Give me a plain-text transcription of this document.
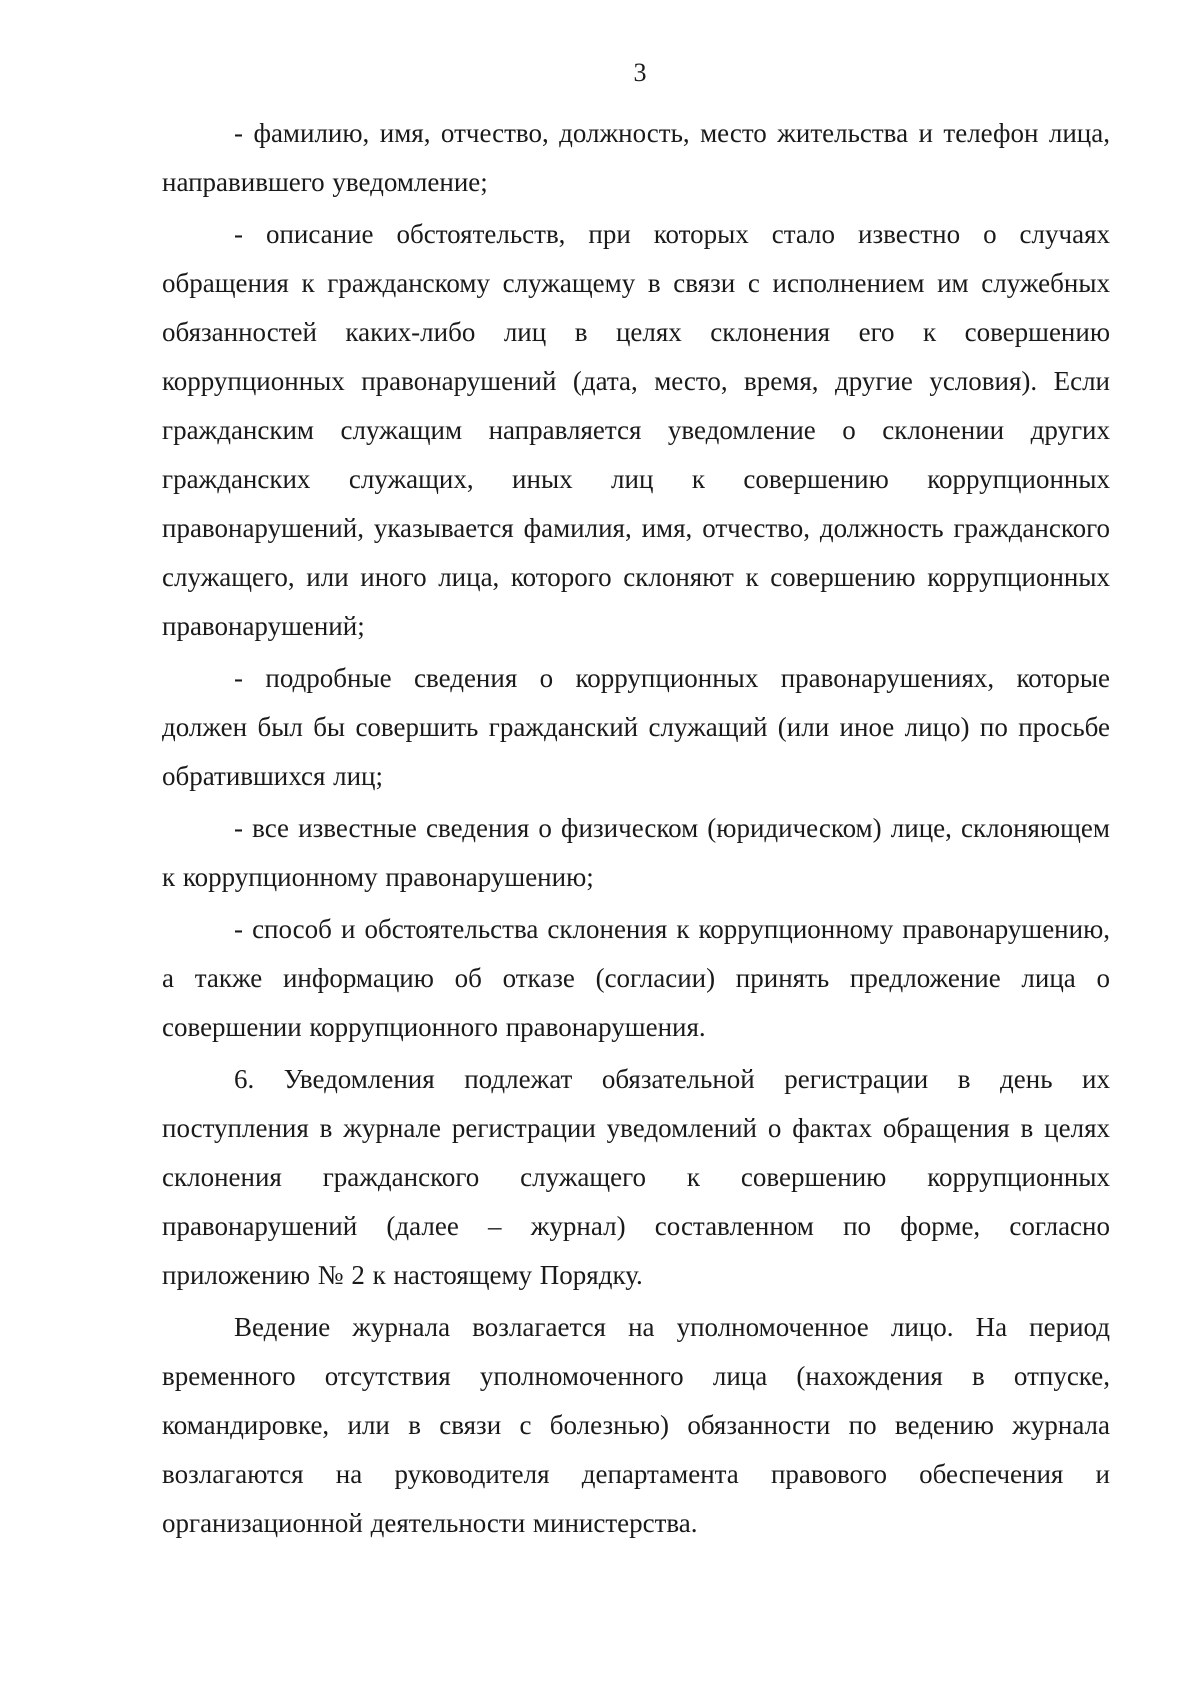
3

- фамилию, имя, отчество, должность, место жительства и телефон лица, направившего уведомление;

- описание обстоятельств, при которых стало известно о случаях обращения к гражданскому служащему в связи с исполнением им служебных обязанностей каких-либо лиц в целях склонения его к совершению коррупционных правонарушений (дата, место, время, другие условия). Если гражданским служащим направляется уведомление о склонении других гражданских служащих, иных лиц к совершению коррупционных правонарушений, указывается фамилия, имя, отчество, должность гражданского служащего, или иного лица, которого склоняют к совершению коррупционных правонарушений;

- подробные сведения о коррупционных правонарушениях, которые должен был бы совершить гражданский служащий (или иное лицо) по просьбе обратившихся лиц;

- все известные сведения о физическом (юридическом) лице, склоняющем к коррупционному правонарушению;

- способ и обстоятельства склонения к коррупционному правонарушению, а также информацию об отказе (согласии) принять предложение лица о совершении коррупционного правонарушения.

6. Уведомления подлежат обязательной регистрации в день их поступления в журнале регистрации уведомлений о фактах обращения в целях склонения гражданского служащего к совершению коррупционных правонарушений (далее – журнал) составленном по форме, согласно приложению № 2 к настоящему Порядку.

Ведение журнала возлагается на уполномоченное лицо. На период временного отсутствия уполномоченного лица (нахождения в отпуске, командировке, или в связи с болезнью) обязанности по ведению журнала возлагаются на руководителя департамента правового обеспечения и организационной деятельности министерства.
